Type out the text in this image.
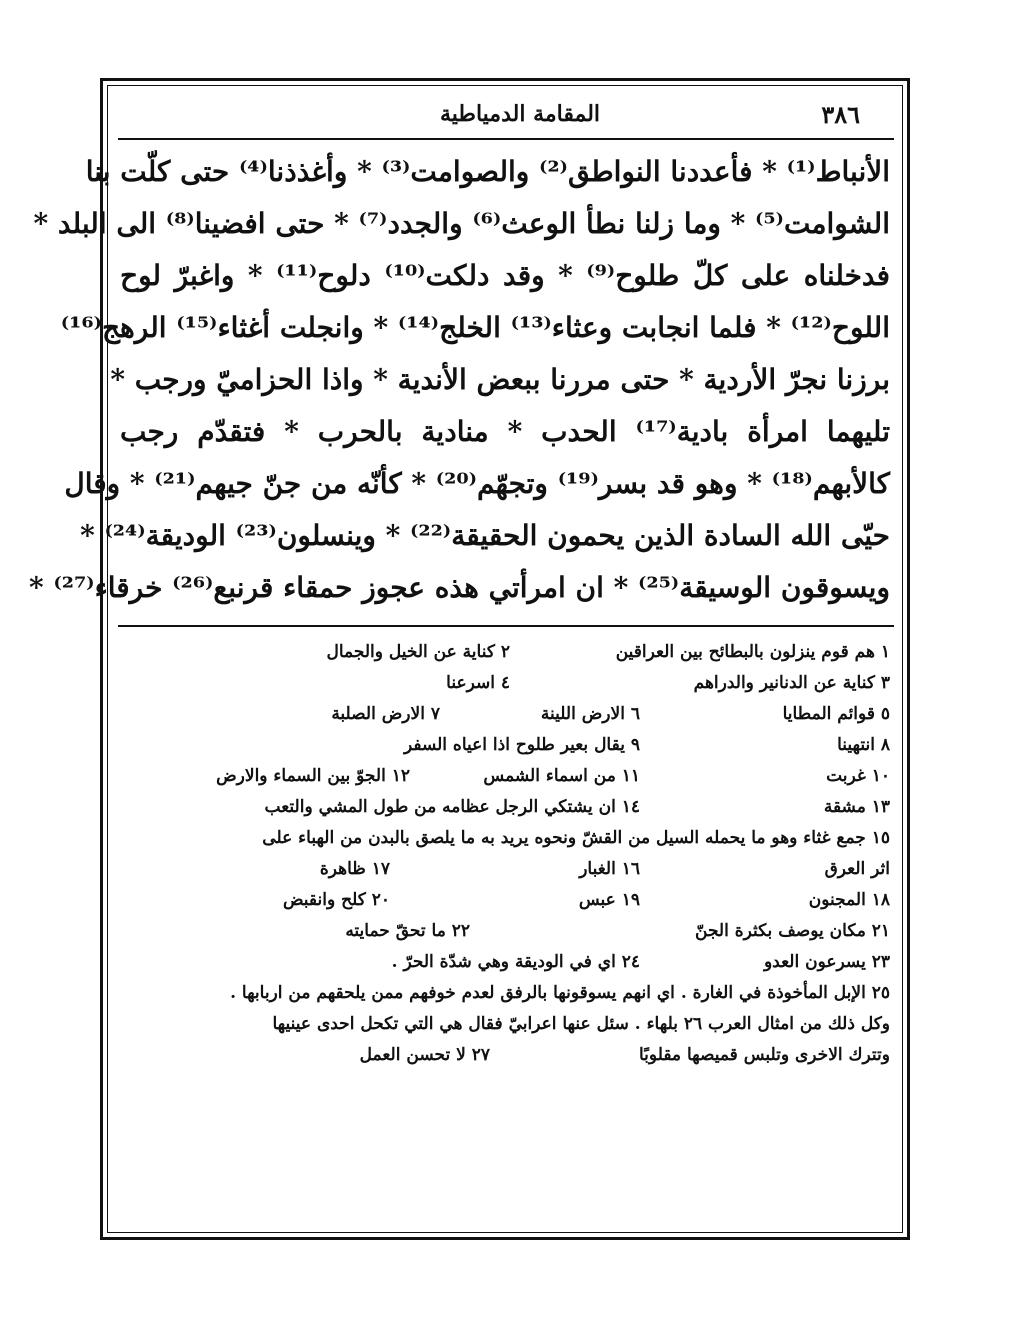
٣٨٦
المقامة الدمياطية
الأنباط⁽¹⁾ * فأعددنا النواطق⁽²⁾ والصوامت⁽³⁾ * وأغذذنا⁽⁴⁾ حتى كلّت بنا
الشوامت⁽⁵⁾ * وما زلنا نطأ الوعث⁽⁶⁾ والجدد⁽⁷⁾ * حتى افضينا⁽⁸⁾ الى البلد *
فدخلناه على كلّ طلوح⁽⁹⁾ * وقد دلكت⁽¹⁰⁾ دلوح⁽¹¹⁾ * واغبرّ لوح
اللوح⁽¹²⁾ * فلما انجابت وعثاء⁽¹³⁾ الخلج⁽¹⁴⁾ * وانجلت أغثاء⁽¹⁵⁾ الرهج⁽¹⁶⁾
برزنا نجرّ الأردية * حتى مررنا ببعض الأندية * واذا الحزاميّ ورجب *
تليهما امرأة بادية⁽¹⁷⁾ الحدب * منادية بالحرب * فتقدّم رجب
كالأبهم⁽¹⁸⁾ * وهو قد بسر⁽¹⁹⁾ وتجهّم⁽²⁰⁾ * كأنّه من جنّ جيهم⁽²¹⁾ * وقال
حيّى الله السادة الذين يحمون الحقيقة⁽²²⁾ * وينسلون⁽²³⁾ الوديقة⁽²⁴⁾ *
ويسوقون الوسيقة⁽²⁵⁾ * ان امرأتي هذه عجوز حمقاء قرنبع⁽²⁶⁾ خرقاء⁽²⁷⁾ *
١ هم قوم ينزلون بالبطائح بين العراقين
٢ كناية عن الخيل والجمال
٣ كناية عن الدنانير والدراهم
٤ اسرعنا
٥ قوائم المطايا
٦ الارض اللينة
٧ الارض الصلبة
٨ انتهينا
٩ يقال بعير طلوح اذا اعياه السفر
١٠ غربت
١١ من اسماء الشمس
١٢ الجوّ بين السماء والارض
١٣ مشقة
١٤ ان يشتكي الرجل عظامه من طول المشي والتعب
١٥ جمع غثاء وهو ما يحمله السيل من القشّ ونحوه يريد به ما يلصق بالبدن من الهباء على
اثر العرق
١٦ الغبار
١٧ ظاهرة
١٨ المجنون
١٩ عبس
٢٠ كلح وانقبض
٢١ مكان يوصف بكثرة الجنّ
٢٢ ما تحقّ حمايته
٢٣ يسرعون العدو
٢٤ اي في الوديقة وهي شدّة الحرّ .
٢٥ الإبل المأخوذة في الغارة . اي انهم يسوقونها بالرفق لعدم خوفهم ممن يلحقهم من اربابها .
وكل ذلك من امثال العرب ٢٦ بلهاء . سئل عنها اعرابيّ فقال هي التي تكحل احدى عينيها
وتترك الاخرى وتلبس قميصها مقلوبًا
٢٧ لا تحسن العمل
